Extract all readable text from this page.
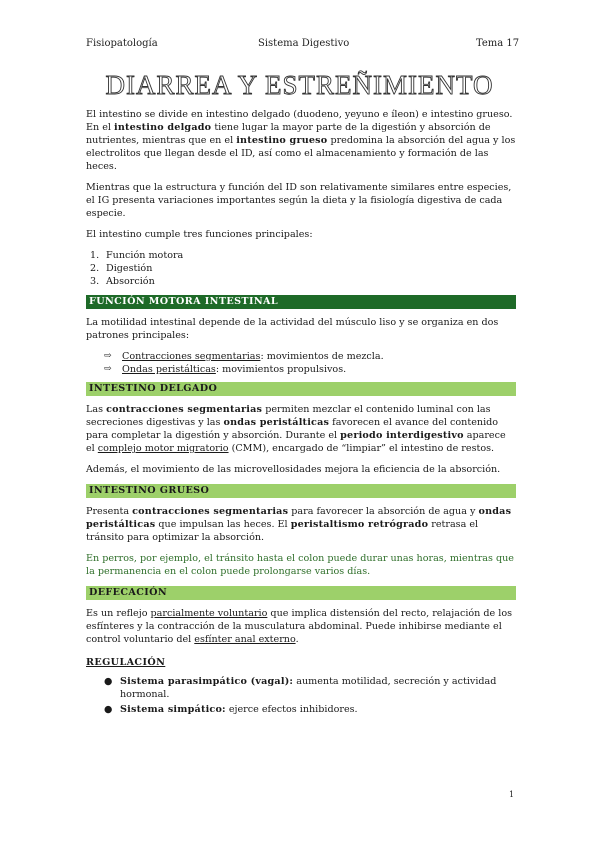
Fisiopatología	Sistema Digestivo	Tema 17
DIARREA Y ESTREÑIMIENTO

El intestino se divide en intestino delgado (duodeno, yeyuno e íleon) e intestino grueso. En el intestino delgado tiene lugar la mayor parte de la digestión y absorción de nutrientes, mientras que en el intestino grueso predomina la absorción del agua y los electrolitos que llegan desde el ID, así como el almacenamiento y formación de las heces.

Mientras que la estructura y función del ID son relativamente similares entre especies, el IG presenta variaciones importantes según la dieta y la fisiología digestiva de cada especie.

El intestino cumple tres funciones principales:

1. Función motora
2. Digestión
3. Absorción
FUNCIÓN MOTORA INTESTINAL

La motilidad intestinal depende de la actividad del músculo liso y se organiza en dos patrones principales:

⇨ Contracciones segmentarias: movimientos de mezcla.
⇨ Ondas peristálticas: movimientos propulsivos.
INTESTINO DELGADO

Las contracciones segmentarias permiten mezclar el contenido luminal con las secreciones digestivas y las ondas peristálticas favorecen el avance del contenido para completar la digestión y absorción. Durante el periodo interdigestivo aparece el complejo motor migratorio (CMM), encargado de “limpiar” el intestino de restos.

Además, el movimiento de las microvellosidades mejora la eficiencia de la absorción.

INTESTINO GRUESO

Presenta contracciones segmentarias para favorecer la absorción de agua y ondas peristálticas que impulsan las heces. El peristaltismo retrógrado retrasa el tránsito para optimizar la absorción.

En perros, por ejemplo, el tránsito hasta el colon puede durar unas horas, mientras que la permanencia en el colon puede prolongarse varios días.

DEFECACIÓN

Es un reflejo parcialmente voluntario que implica distensión del recto, relajación de los esfínteres y la contracción de la musculatura abdominal. Puede inhibirse mediante el control voluntario del esfínter anal externo.

REGULACIÓN
● Sistema parasimpático (vagal): aumenta motilidad, secreción y actividad hormonal.
● Sistema simpático: ejerce efectos inhibidores.
1
